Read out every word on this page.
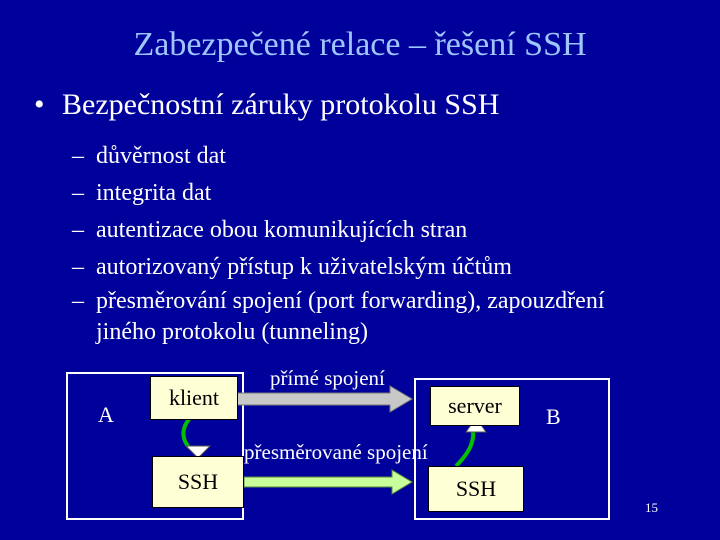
Zabezpečené relace – řešení SSH
• Bezpečnostní záruky protokolu SSH
– důvěrnost dat
– integrita dat
– autentizace obou komunikujících stran
– autorizovaný přístup k uživatelským účtům
– přesměrování spojení (port forwarding), zapouzdření
jiného protokolu (tunneling)
klient	server
SSH	SSH
A	B
přímé spojení
přesměrované spojení
15
